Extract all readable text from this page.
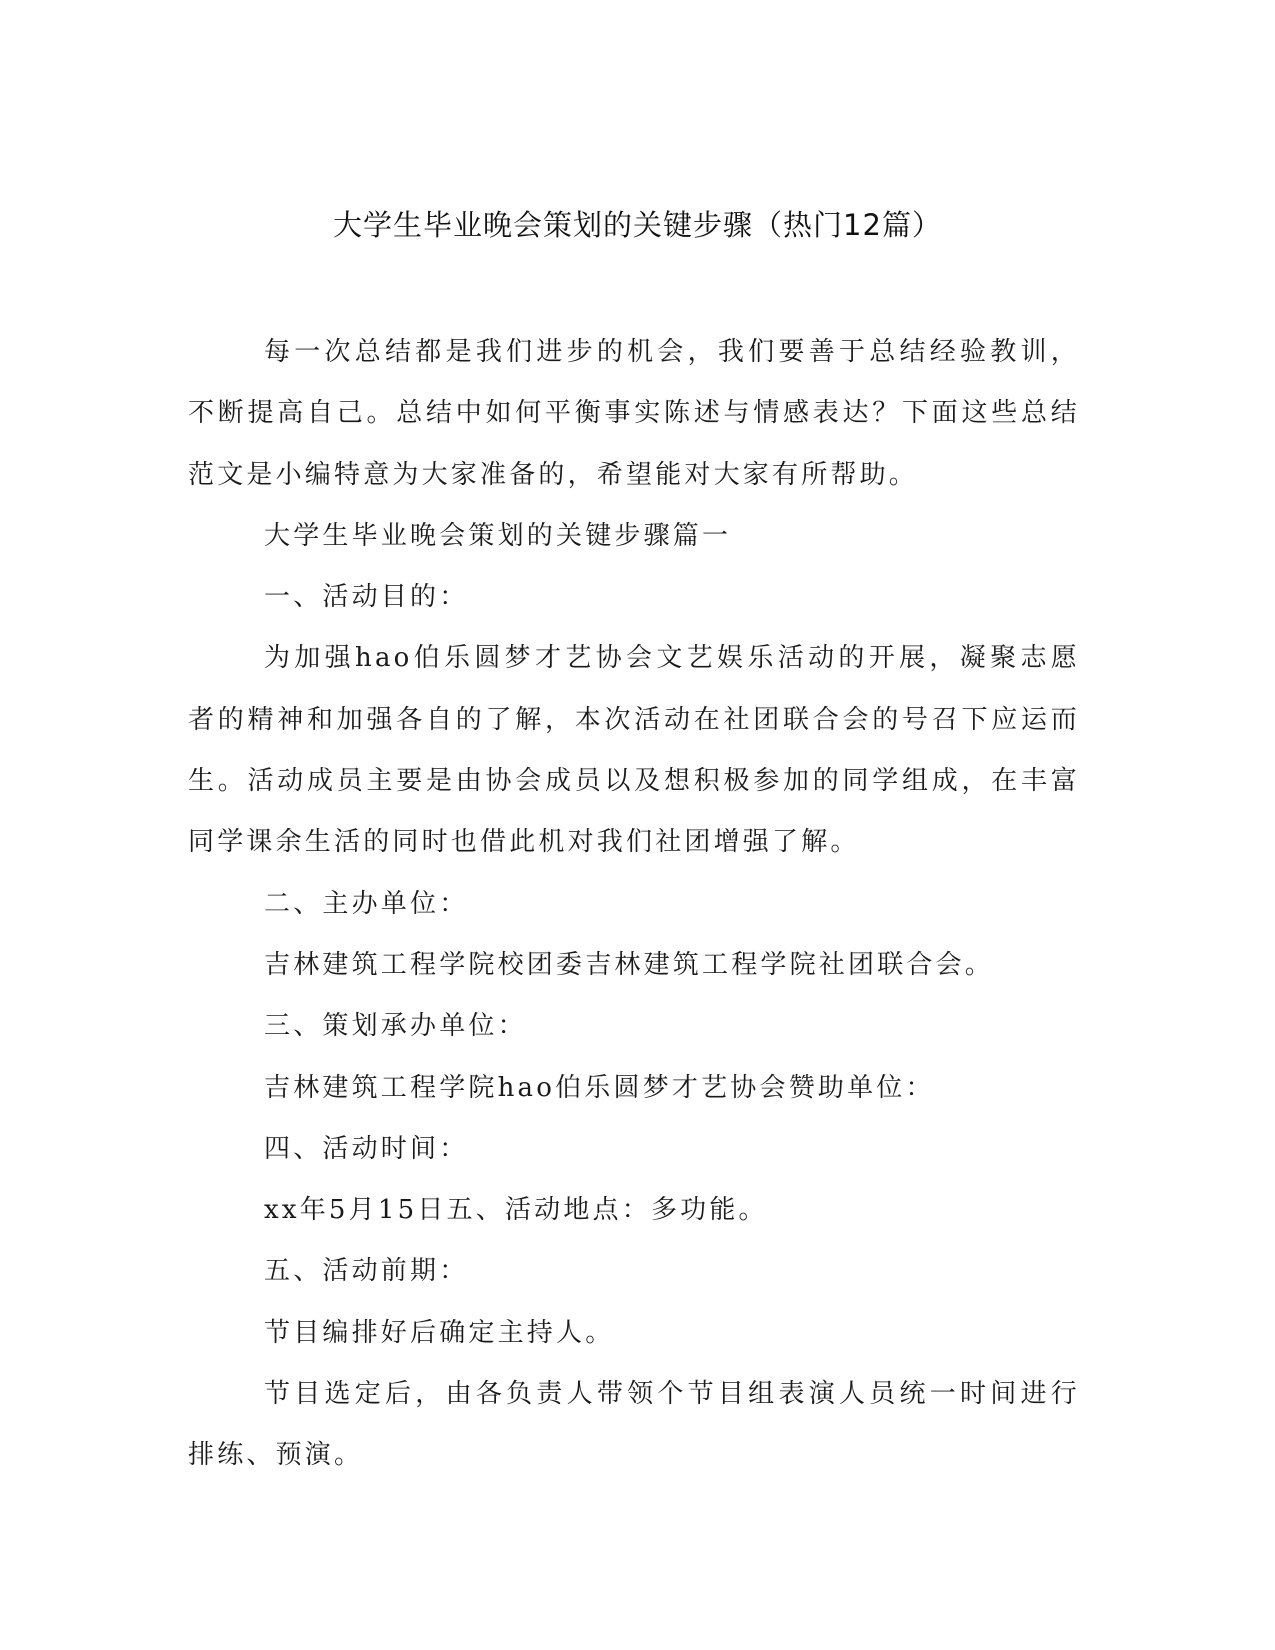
大学生毕业晚会策划的关键步骤（热门12篇）

每一次总结都是我们进步的机会，我们要善于总结经验教训，不断提高自己。总结中如何平衡事实陈述与情感表达？下面这些总结范文是小编特意为大家准备的，希望能对大家有所帮助。

大学生毕业晚会策划的关键步骤篇一

一、活动目的：

为加强hao伯乐圆梦才艺协会文艺娱乐活动的开展，凝聚志愿者的精神和加强各自的了解，本次活动在社团联合会的号召下应运而生。活动成员主要是由协会成员以及想积极参加的同学组成，在丰富同学课余生活的同时也借此机对我们社团增强了解。

二、主办单位：

吉林建筑工程学院校团委吉林建筑工程学院社团联合会。

三、策划承办单位：

吉林建筑工程学院hao伯乐圆梦才艺协会赞助单位：

四、活动时间：

xx年5月15日五、活动地点：多功能。

五、活动前期：

节目编排好后确定主持人。

节目选定后，由各负责人带领个节目组表演人员统一时间进行排练、预演。
